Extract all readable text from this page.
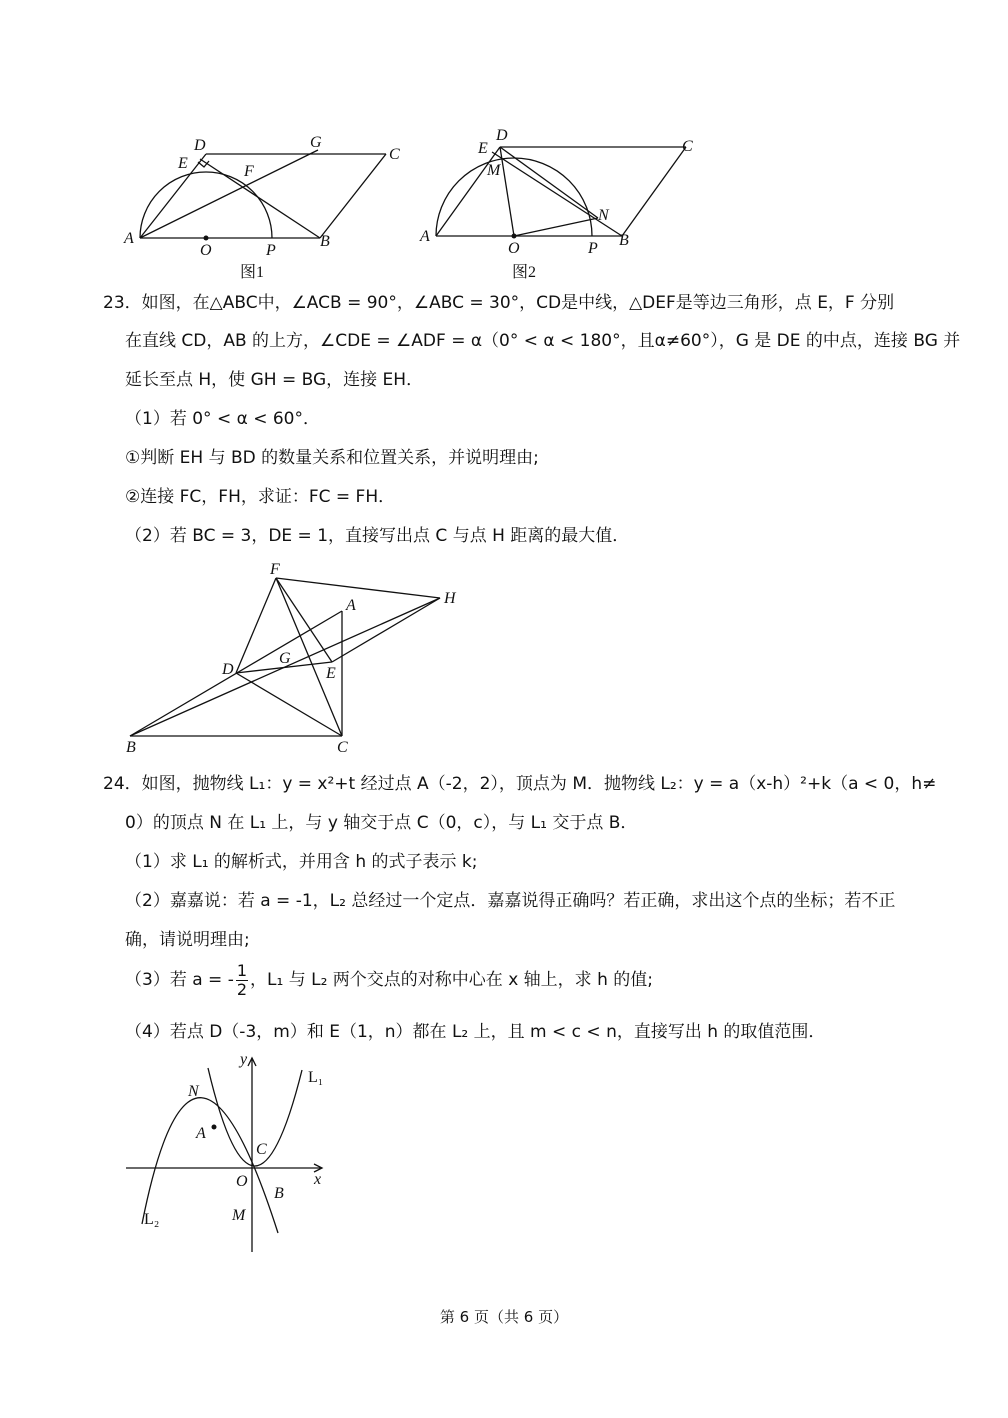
A	B
C
D
E	F
G
O	P
图1
A	B
C
D
E
M
N
O	P
图2
23．如图，在△ABC中，∠ACB = 90°，∠ABC = 30°，CD是中线，△DEF是等边三角形，点 E，F 分别
在直线 CD，AB 的上方，∠CDE = ∠ADF = α（0° < α < 180°，且α≠60°），G 是 DE 的中点，连接 BG 并
延长至点 H，使 GH = BG，连接 EH．
（1）若 0° < α < 60°．
①判断 EH 与 BD 的数量关系和位置关系，并说明理由;
②连接 FC，FH，求证：FC = FH．
（2）若 BC = 3，DE = 1，直接写出点 C 与点 H 距离的最大值．
F
A	H
D
G
E
B	C
24．如图，抛物线 L₁：y = x²+t 经过点 A（-2，2），顶点为 M．抛物线 L₂：y = a（x-h）²+k（a < 0，h≠
0）的顶点 N 在 L₁ 上，与 y 轴交于点 C（0，c），与 L₁ 交于点 B．
（1）求 L₁ 的解析式，并用含 h 的式子表示 k;
（2）嘉嘉说：若 a = -1，L₂ 总经过一个定点．嘉嘉说得正确吗？若正确，求出这个点的坐标；若不正
确，请说明理由;
（3）若 a = - $\frac{1}{2}$ ，L₁ 与 L₂ 两个交点的对称中心在 x 轴上，求 h 的值;
（4）若点 D（-3，m）和 E（1，n）都在 L₂ 上，且 m < c < n，直接写出 h 的取值范围．
y
x
L₁
L₂
N
A
C
O
B
M
第 6 页（共 6 页）
